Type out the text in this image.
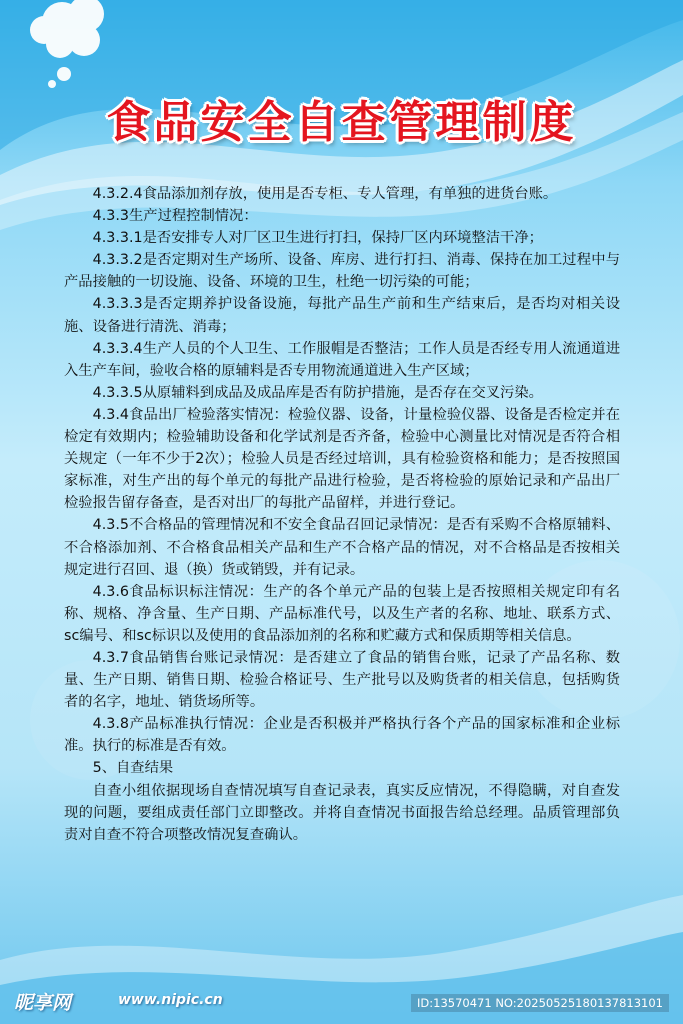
食品安全自查管理制度

4.3.2.4食品添加剂存放，使用是否专柜、专人管理，有单独的进货台账。

4.3.3生产过程控制情况：

4.3.3.1是否安排专人对厂区卫生进行打扫，保持厂区内环境整洁干净；

4.3.3.2是否定期对生产场所、设备、库房、进行打扫、消毒、保持在加工过程中与产品接触的一切设施、设备、环境的卫生，杜绝一切污染的可能；

4.3.3.3是否定期养护设备设施，每批产品生产前和生产结束后，是否均对相关设施、设备进行清洗、消毒；

4.3.3.4生产人员的个人卫生、工作服帽是否整洁；工作人员是否经专用人流通道进入生产车间，验收合格的原辅料是否专用物流通道进入生产区域；

4.3.3.5从原辅料到成品及成品库是否有防护措施，是否存在交叉污染。

4.3.4食品出厂检验落实情况：检验仪器、设备，计量检验仪器、设备是否检定并在检定有效期内；检验辅助设备和化学试剂是否齐备，检验中心测量比对情况是否符合相关规定（一年不少于2次）；检验人员是否经过培训，具有检验资格和能力；是否按照国家标准，对生产出的每个单元的每批产品进行检验，是否将检验的原始记录和产品出厂检验报告留存备查，是否对出厂的每批产品留样，并进行登记。

4.3.5不合格品的管理情况和不安全食品召回记录情况：是否有采购不合格原辅料、不合格添加剂、不合格食品相关产品和生产不合格产品的情况，对不合格品是否按相关规定进行召回、退（换）货或销毁，并有记录。

4.3.6食品标识标注情况：生产的各个单元产品的包装上是否按照相关规定印有名称、规格、净含量、生产日期、产品标准代号，以及生产者的名称、地址、联系方式、sc编号、和sc标识以及使用的食品添加剂的名称和贮藏方式和保质期等相关信息。

4.3.7食品销售台账记录情况：是否建立了食品的销售台账，记录了产品名称、数量、生产日期、销售日期、检验合格证号、生产批号以及购货者的相关信息，包括购货者的名字，地址、销货场所等。

4.3.8产品标准执行情况：企业是否积极并严格执行各个产品的国家标准和企业标准。执行的标准是否有效。

5、自查结果

自查小组依据现场自查情况填写自查记录表，真实反应情况，不得隐瞒，对自查发现的问题，要组成责任部门立即整改。并将自查情况书面报告给总经理。品质管理部负责对自查不符合项整改情况复查确认。

昵享网	www.nipic.cn	ID:13570471 NO:20250525180137813101
